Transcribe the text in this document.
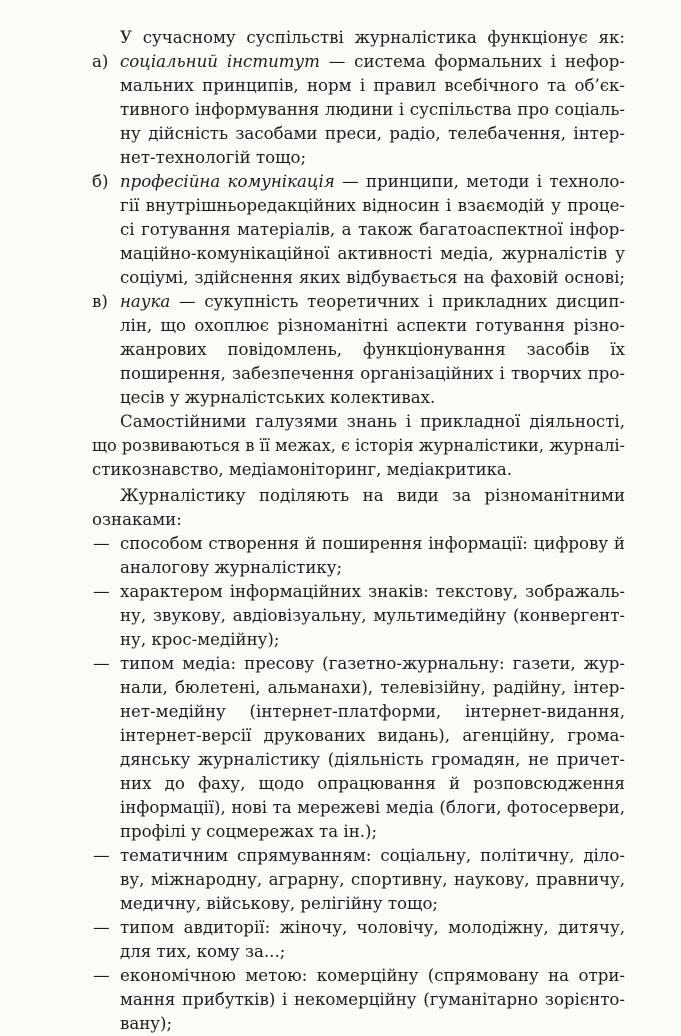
У сучасному суспільстві журналістика функціонує як:
а) соціальний інститут — система формальних і нефор-
мальних принципів, норм і правил всебічного та об’єк-
тивного інформування людини і суспільства про соціаль-
ну дійсність засобами преси, радіо, телебачення, інтер-
нет-технологій тощо;
б) професійна комунікація — принципи, методи і техноло-
гії внутрішньоредакційних відносин і взаємодій у проце-
сі готування матеріалів, а також багатоаспектної інфор-
маційно-комунікаційної активності медіа, журналістів у
соціумі, здійснення яких відбувається на фаховій основі;
в) наука — сукупність теоретичних і прикладних дисцип-
лін, що охоплює різноманітні аспекти готування різно-
жанрових повідомлень, функціонування засобів їх
поширення, забезпечення організаційних і творчих про-
цесів у журналістських колективах.
Самостійними галузями знань і прикладної діяльності,
що розвиваються в її межах, є історія журналістики, журналі-
стикознавство, медіамоніторинг, медіакритика.
Журналістику поділяють на види за різноманітними
ознаками:
— способом створення й поширення інформації: цифрову й
аналогову журналістику;
— характером інформаційних знаків: текстову, зображаль-
ну, звукову, авдіовізуальну, мультимедійну (конвергент-
ну, крос-медійну);
— типом медіа: пресову (газетно-журнальну: газети, жур-
нали, бюлетені, альманахи), телевізійну, радійну, інтер-
нет-медійну (інтернет-платформи, інтернет-видання,
інтернет-версії друкованих видань), агенційну, грома-
дянську журналістику (діяльність громадян, не причет-
них до фаху, щодо опрацювання й розповсюдження
інформації), нові та мережеві медіа (блоги, фотосервери,
профілі у соцмережах та ін.);
— тематичним спрямуванням: соціальну, політичну, діло-
ву, міжнародну, аграрну, спортивну, наукову, правничу,
медичну, військову, релігійну тощо;
— типом авдиторії: жіночу, чоловічу, молодіжну, дитячу,
для тих, кому за...;
— економічною метою: комерційну (спрямовану на отри-
мання прибутків) і некомерційну (гуманітарно зорієнто-
вану);
